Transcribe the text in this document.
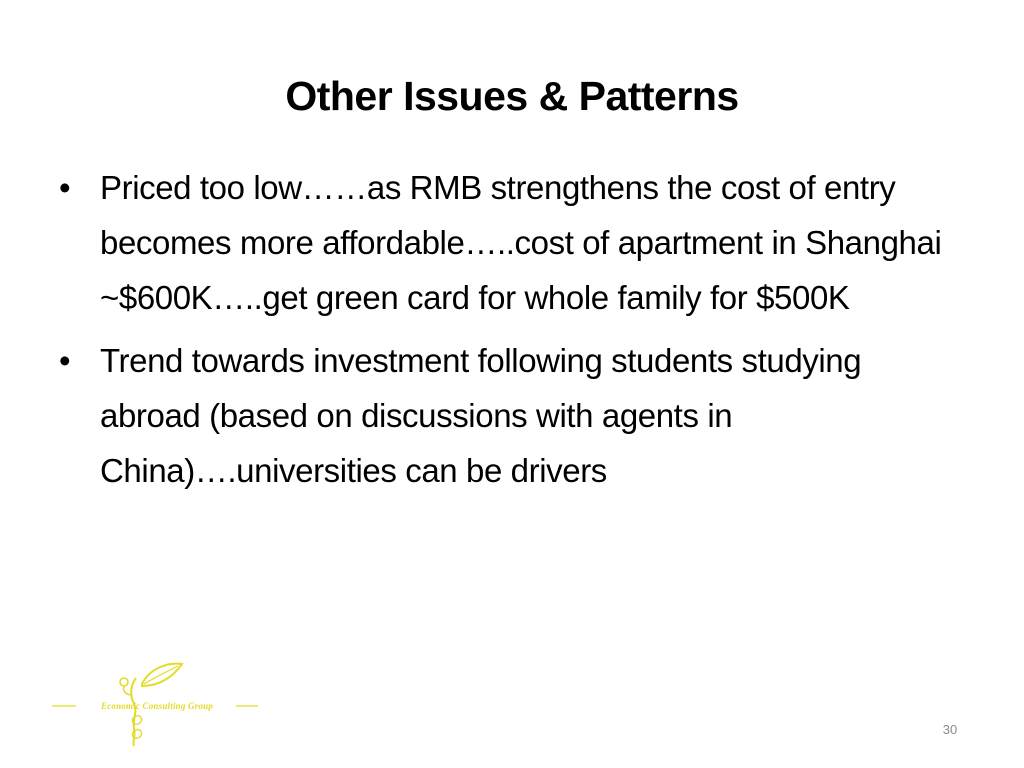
Other Issues & Patterns
• Priced too low……as RMB strengthens the cost of entry becomes more affordable…..cost of apartment in Shanghai ~$600K…..get green card for whole family for $500K
• Trend towards investment following students studying abroad (based on discussions with agents in China)….universities can be drivers
Economic Consulting Group
30
